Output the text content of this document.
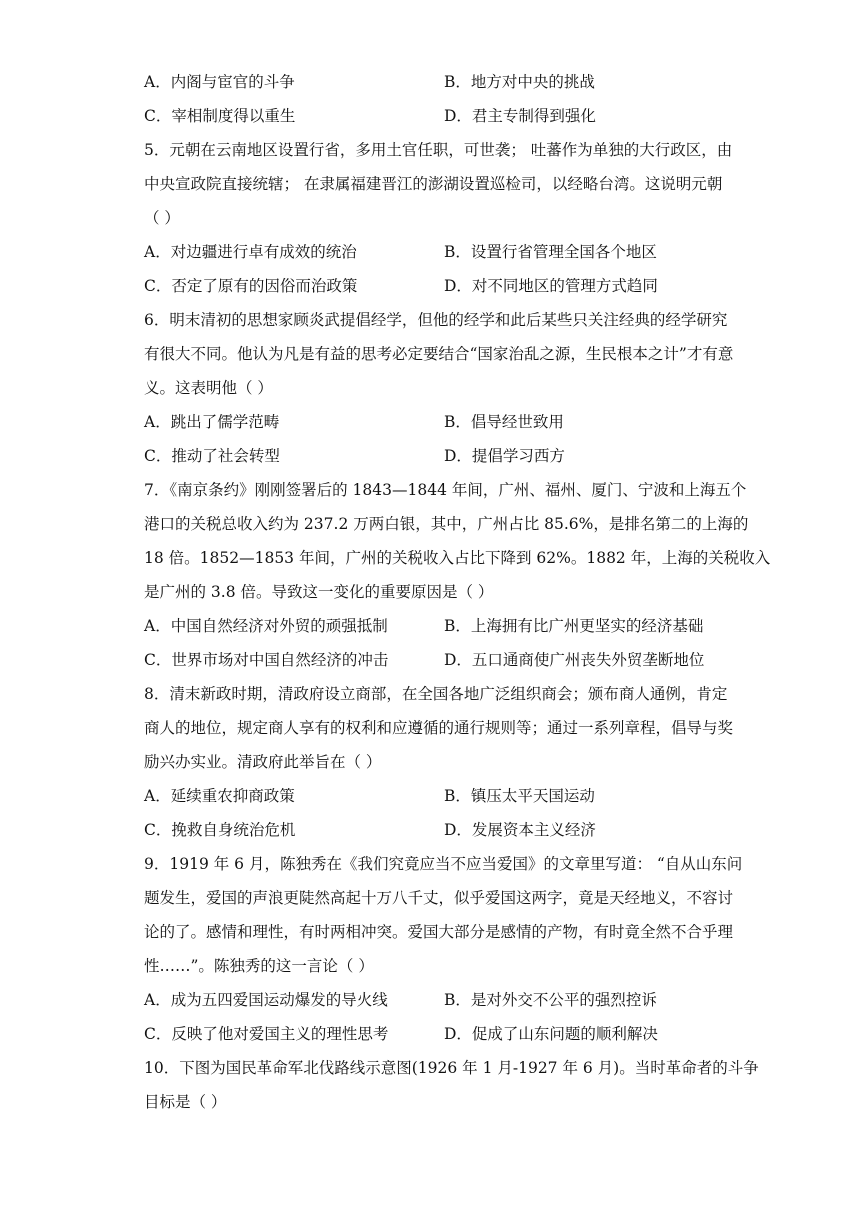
A．内阁与宦官的斗争	B．地方对中央的挑战
C．宰相制度得以重生	D．君主专制得到强化
5．元朝在云南地区设置行省，多用土官任职，可世袭； 吐蕃作为单独的大行政区，由
中央宣政院直接统辖； 在隶属福建晋江的澎湖设置巡检司，以经略台湾。这说明元朝
（ ）
A．对边疆进行卓有成效的统治	B．设置行省管理全国各个地区
C．否定了原有的因俗而治政策	D．对不同地区的管理方式趋同
6．明末清初的思想家顾炎武提倡经学，但他的经学和此后某些只关注经典的经学研究
有很大不同。他认为凡是有益的思考必定要结合“国家治乱之源，生民根本之计”才有意
义。这表明他（ ）
A．跳出了儒学范畴	B．倡导经世致用
C．推动了社会转型	D．提倡学习西方
7．《南京条约》刚刚签署后的 1843—1844 年间，广州、福州、厦门、宁波和上海五个
港口的关税总收入约为 237.2 万两白银，其中，广州占比 85.6%，是排名第二的上海的
18 倍。1852—1853 年间，广州的关税收入占比下降到 62%。1882 年，上海的关税收入
是广州的 3.8 倍。导致这一变化的重要原因是（ ）
A．中国自然经济对外贸的顽强抵制	B．上海拥有比广州更坚实的经济基础
C．世界市场对中国自然经济的冲击	D．五口通商使广州丧失外贸垄断地位
8．清末新政时期，清政府设立商部，在全国各地广泛组织商会；颁布商人通例，肯定
商人的地位，规定商人享有的权利和应遵循的通行规则等；通过一系列章程，倡导与奖
励兴办实业。清政府此举旨在（ ）
A．延续重农抑商政策	B．镇压太平天国运动
C．挽救自身统治危机	D．发展资本主义经济
9．1919 年 6 月，陈独秀在《我们究竟应当不应当爱国》的文章里写道： “自从山东问
题发生，爱国的声浪更陡然高起十万八千丈，似乎爱国这两字，竟是天经地义，不容讨
论的了。感情和理性，有时两相冲突。爱国大部分是感情的产物，有时竟全然不合乎理
性……”。陈独秀的这一言论（ ）
A．成为五四爱国运动爆发的导火线	B．是对外交不公平的强烈控诉
C．反映了他对爱国主义的理性思考	D．促成了山东问题的顺利解决
10．下图为国民革命军北伐路线示意图(1926 年 1 月-1927 年 6 月)。当时革命者的斗争
目标是（ ）
